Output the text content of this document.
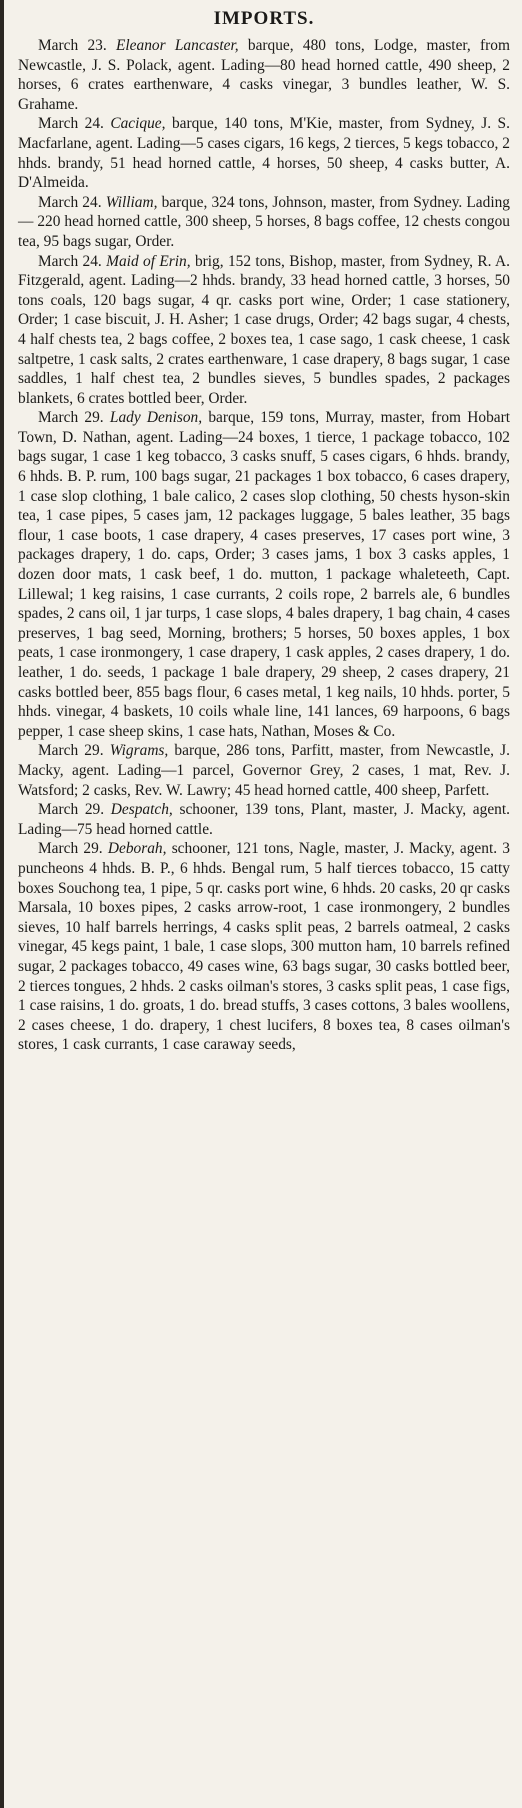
IMPORTS.

March 23. Eleanor Lancaster, barque, 480 tons, Lodge, master, from Newcastle, J. S. Polack, agent. Lading—80 head horned cattle, 490 sheep, 2 horses, 6 crates earthenware, 4 casks vinegar, 3 bundles leather, W. S. Grahame.

March 24. Cacique, barque, 140 tons, M'Kie, master, from Sydney, J. S. Macfarlane, agent. Lading—5 cases cigars, 16 kegs, 2 tierces, 5 kegs tobacco, 2 hhds. brandy, 51 head horned cattle, 4 horses, 50 sheep, 4 casks butter, A. D'Almeida.

March 24. William, barque, 324 tons, Johnson, master, from Sydney. Lading — 220 head horned cattle, 300 sheep, 5 horses, 8 bags coffee, 12 chests congou tea, 95 bags sugar, Order.

March 24. Maid of Erin, brig, 152 tons, Bishop, master, from Sydney, R. A. Fitzgerald, agent. Lading—2 hhds. brandy, 33 head horned cattle, 3 horses, 50 tons coals, 120 bags sugar, 4 qr. casks port wine, Order; 1 case stationery, Order; 1 case biscuit, J. H. Asher; 1 case drugs, Order; 42 bags sugar, 4 chests, 4 half chests tea, 2 bags coffee, 2 boxes tea, 1 case sago, 1 cask cheese, 1 cask saltpetre, 1 cask salts, 2 crates earthenware, 1 case drapery, 8 bags sugar, 1 case saddles, 1 half chest tea, 2 bundles sieves, 5 bundles spades, 2 packages blankets, 6 crates bottled beer, Order.

March 29. Lady Denison, barque, 159 tons, Murray, master, from Hobart Town, D. Nathan, agent. Lading—24 boxes, 1 tierce, 1 package tobacco, 102 bags sugar, 1 case 1 keg tobacco, 3 casks snuff, 5 cases cigars, 6 hhds. brandy, 6 hhds. B. P. rum, 100 bags sugar, 21 packages 1 box tobacco, 6 cases drapery, 1 case slop clothing, 1 bale calico, 2 cases slop clothing, 50 chests hyson-skin tea, 1 case pipes, 5 cases jam, 12 packages luggage, 5 bales leather, 35 bags flour, 1 case boots, 1 case drapery, 4 cases preserves, 17 cases port wine, 3 packages drapery, 1 do. caps, Order; 3 cases jams, 1 box 3 casks apples, 1 dozen door mats, 1 cask beef, 1 do. mutton, 1 package whaleteeth, Capt. Lillewal; 1 keg raisins, 1 case currants, 2 coils rope, 2 barrels ale, 6 bundles spades, 2 cans oil, 1 jar turps, 1 case slops, 4 bales drapery, 1 bag chain, 4 cases preserves, 1 bag seed, Morning, brothers; 5 horses, 50 boxes apples, 1 box peats, 1 case ironmongery, 1 case drapery, 1 cask apples, 2 cases drapery, 1 do. leather, 1 do. seeds, 1 package 1 bale drapery, 29 sheep, 2 cases drapery, 21 casks bottled beer, 855 bags flour, 6 cases metal, 1 keg nails, 10 hhds. porter, 5 hhds. vinegar, 4 baskets, 10 coils whale line, 141 lances, 69 harpoons, 6 bags pepper, 1 case sheep skins, 1 case hats, Nathan, Moses & Co.

March 29. Wigrams, barque, 286 tons, Parfitt, master, from Newcastle, J. Macky, agent. Lading—1 parcel, Governor Grey, 2 cases, 1 mat, Rev. J. Watsford; 2 casks, Rev. W. Lawry; 45 head horned cattle, 400 sheep, Parfett.

March 29. Despatch, schooner, 139 tons, Plant, master, J. Macky, agent. Lading—75 head horned cattle.

March 29. Deborah, schooner, 121 tons, Nagle, master, J. Macky, agent. 3 puncheons 4 hhds. B. P., 6 hhds. Bengal rum, 5 half tierces tobacco, 15 catty boxes Souchong tea, 1 pipe, 5 qr. casks port wine, 6 hhds. 20 casks, 20 qr casks Marsala, 10 boxes pipes, 2 casks arrow-root, 1 case ironmongery, 2 bundles sieves, 10 half barrels herrings, 4 casks split peas, 2 barrels oatmeal, 2 casks vinegar, 45 kegs paint, 1 bale, 1 case slops, 300 mutton ham, 10 barrels refined sugar, 2 packages tobacco, 49 cases wine, 63 bags sugar, 30 casks bottled beer, 2 tierces tongues, 2 hhds. 2 casks oilman's stores, 3 casks split peas, 1 case figs, 1 case raisins, 1 do. groats, 1 do. bread stuffs, 3 cases cottons, 3 bales woollens, 2 cases cheese, 1 do. drapery, 1 chest lucifers, 8 boxes tea, 8 cases oilman's stores, 1 cask currants, 1 case caraway seeds,
